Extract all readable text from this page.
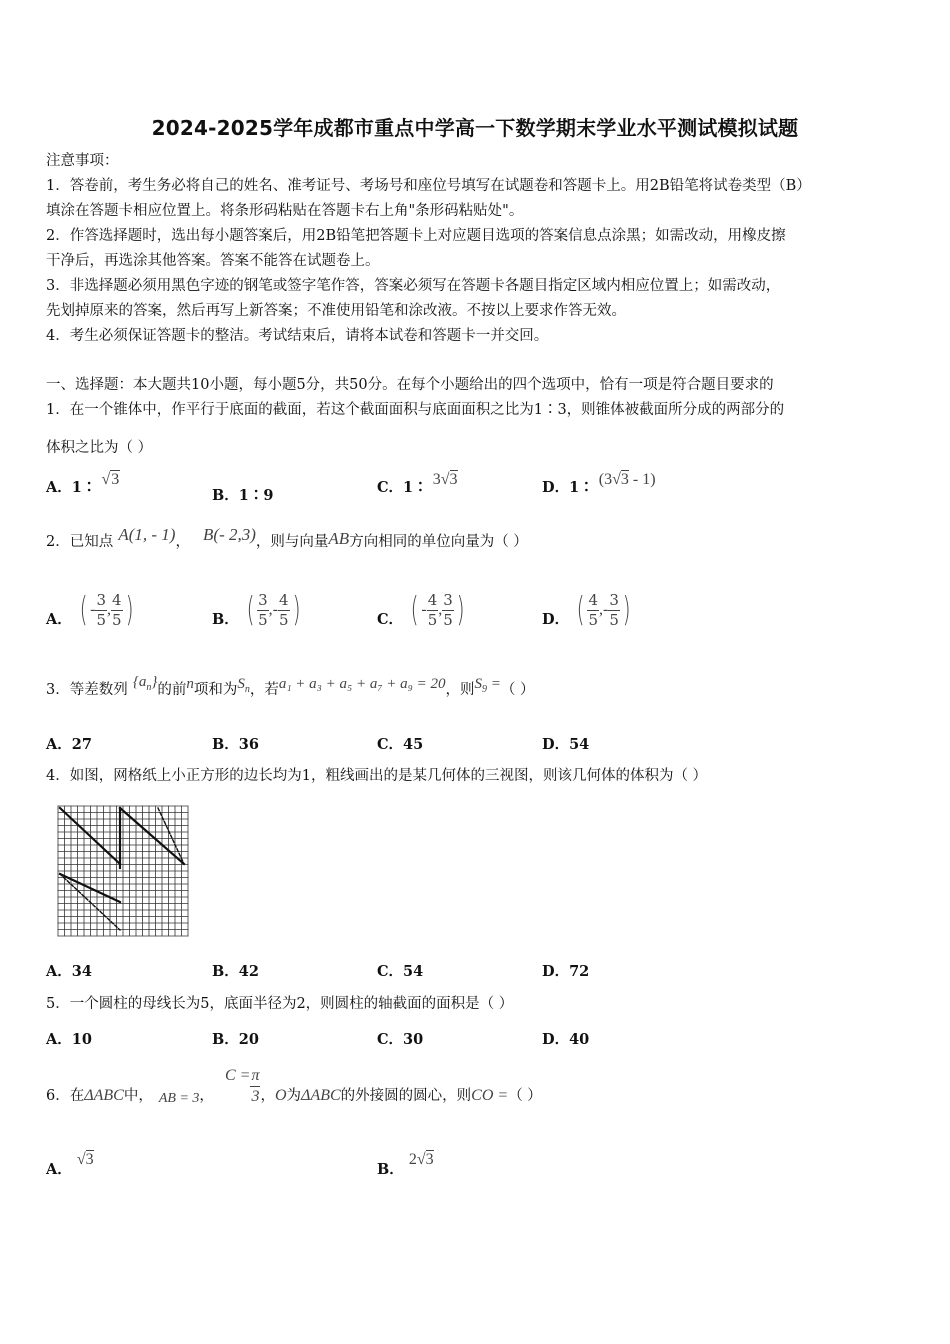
2024-2025学年成都市重点中学高一下数学期末学业水平测试模拟试题
注意事项：
1．答卷前，考生务必将自己的姓名、准考证号、考场号和座位号填写在试题卷和答题卡上。用2B铅笔将试卷类型（B）
填涂在答题卡相应位置上。将条形码粘贴在答题卡右上角"条形码粘贴处"。
2．作答选择题时，选出每小题答案后，用2B铅笔把答题卡上对应题目选项的答案信息点涂黑；如需改动，用橡皮擦
干净后，再选涂其他答案。答案不能答在试题卷上。
3．非选择题必须用黑色字迹的钢笔或签字笔作答，答案必须写在答题卡各题目指定区域内相应位置上；如需改动，
先划掉原来的答案，然后再写上新答案；不准使用铅笔和涂改液。不按以上要求作答无效。
4．考生必须保证答题卡的整洁。考试结束后，请将本试卷和答题卡一并交回。
一、选择题：本大题共10小题，每小题5分，共50分。在每个小题给出的四个选项中，恰有一项是符合题目要求的
1．在一个锥体中，作平行于底面的截面，若这个截面面积与底面面积之比为1∶3，则锥体被截面所分成的两部分的
体积之比为（ ）
A．1∶ √3
B．1∶9	C．1∶ 3√3	D．1∶ (3√3 - 1)
2．已知点 A(1, - 1)， B(- 2,3)，则与向量AB方向相同的单位向量为（ ）
A． ( - $\frac{3}{5}$ , $\frac{4}{5}$ )	B． ( $\frac{3}{5}$ , - $\frac{4}{5}$ )	C． ( - $\frac{4}{5}$ , $\frac{3}{5}$ )	D． ( $\frac{4}{5}$ , - $\frac{3}{5}$ )
3．等差数列 $\{a_n\}$的前n项和为$S_n$，若a₁ + a₃ + a₅ + a₇ + a₉ = 20，则$S_9$ =（ ）
A．27	B．36	C．45	D．54
4．如图，网格纸上小正方形的边长均为1，粗线画出的是某几何体的三视图，则该几何体的体积为（ ）
A．34	B．42	C．54	D．72
5．一个圆柱的母线长为5，底面半径为2，则圆柱的轴截面的面积是（ ）
A．10	B．20	C．30	D．40
6．在ΔABC中， AB = 3， $C = \frac{\pi}{3}$ ，O为ΔABC的外接圆的圆心，则CO =（ ）
A． √3
B． 2√3
